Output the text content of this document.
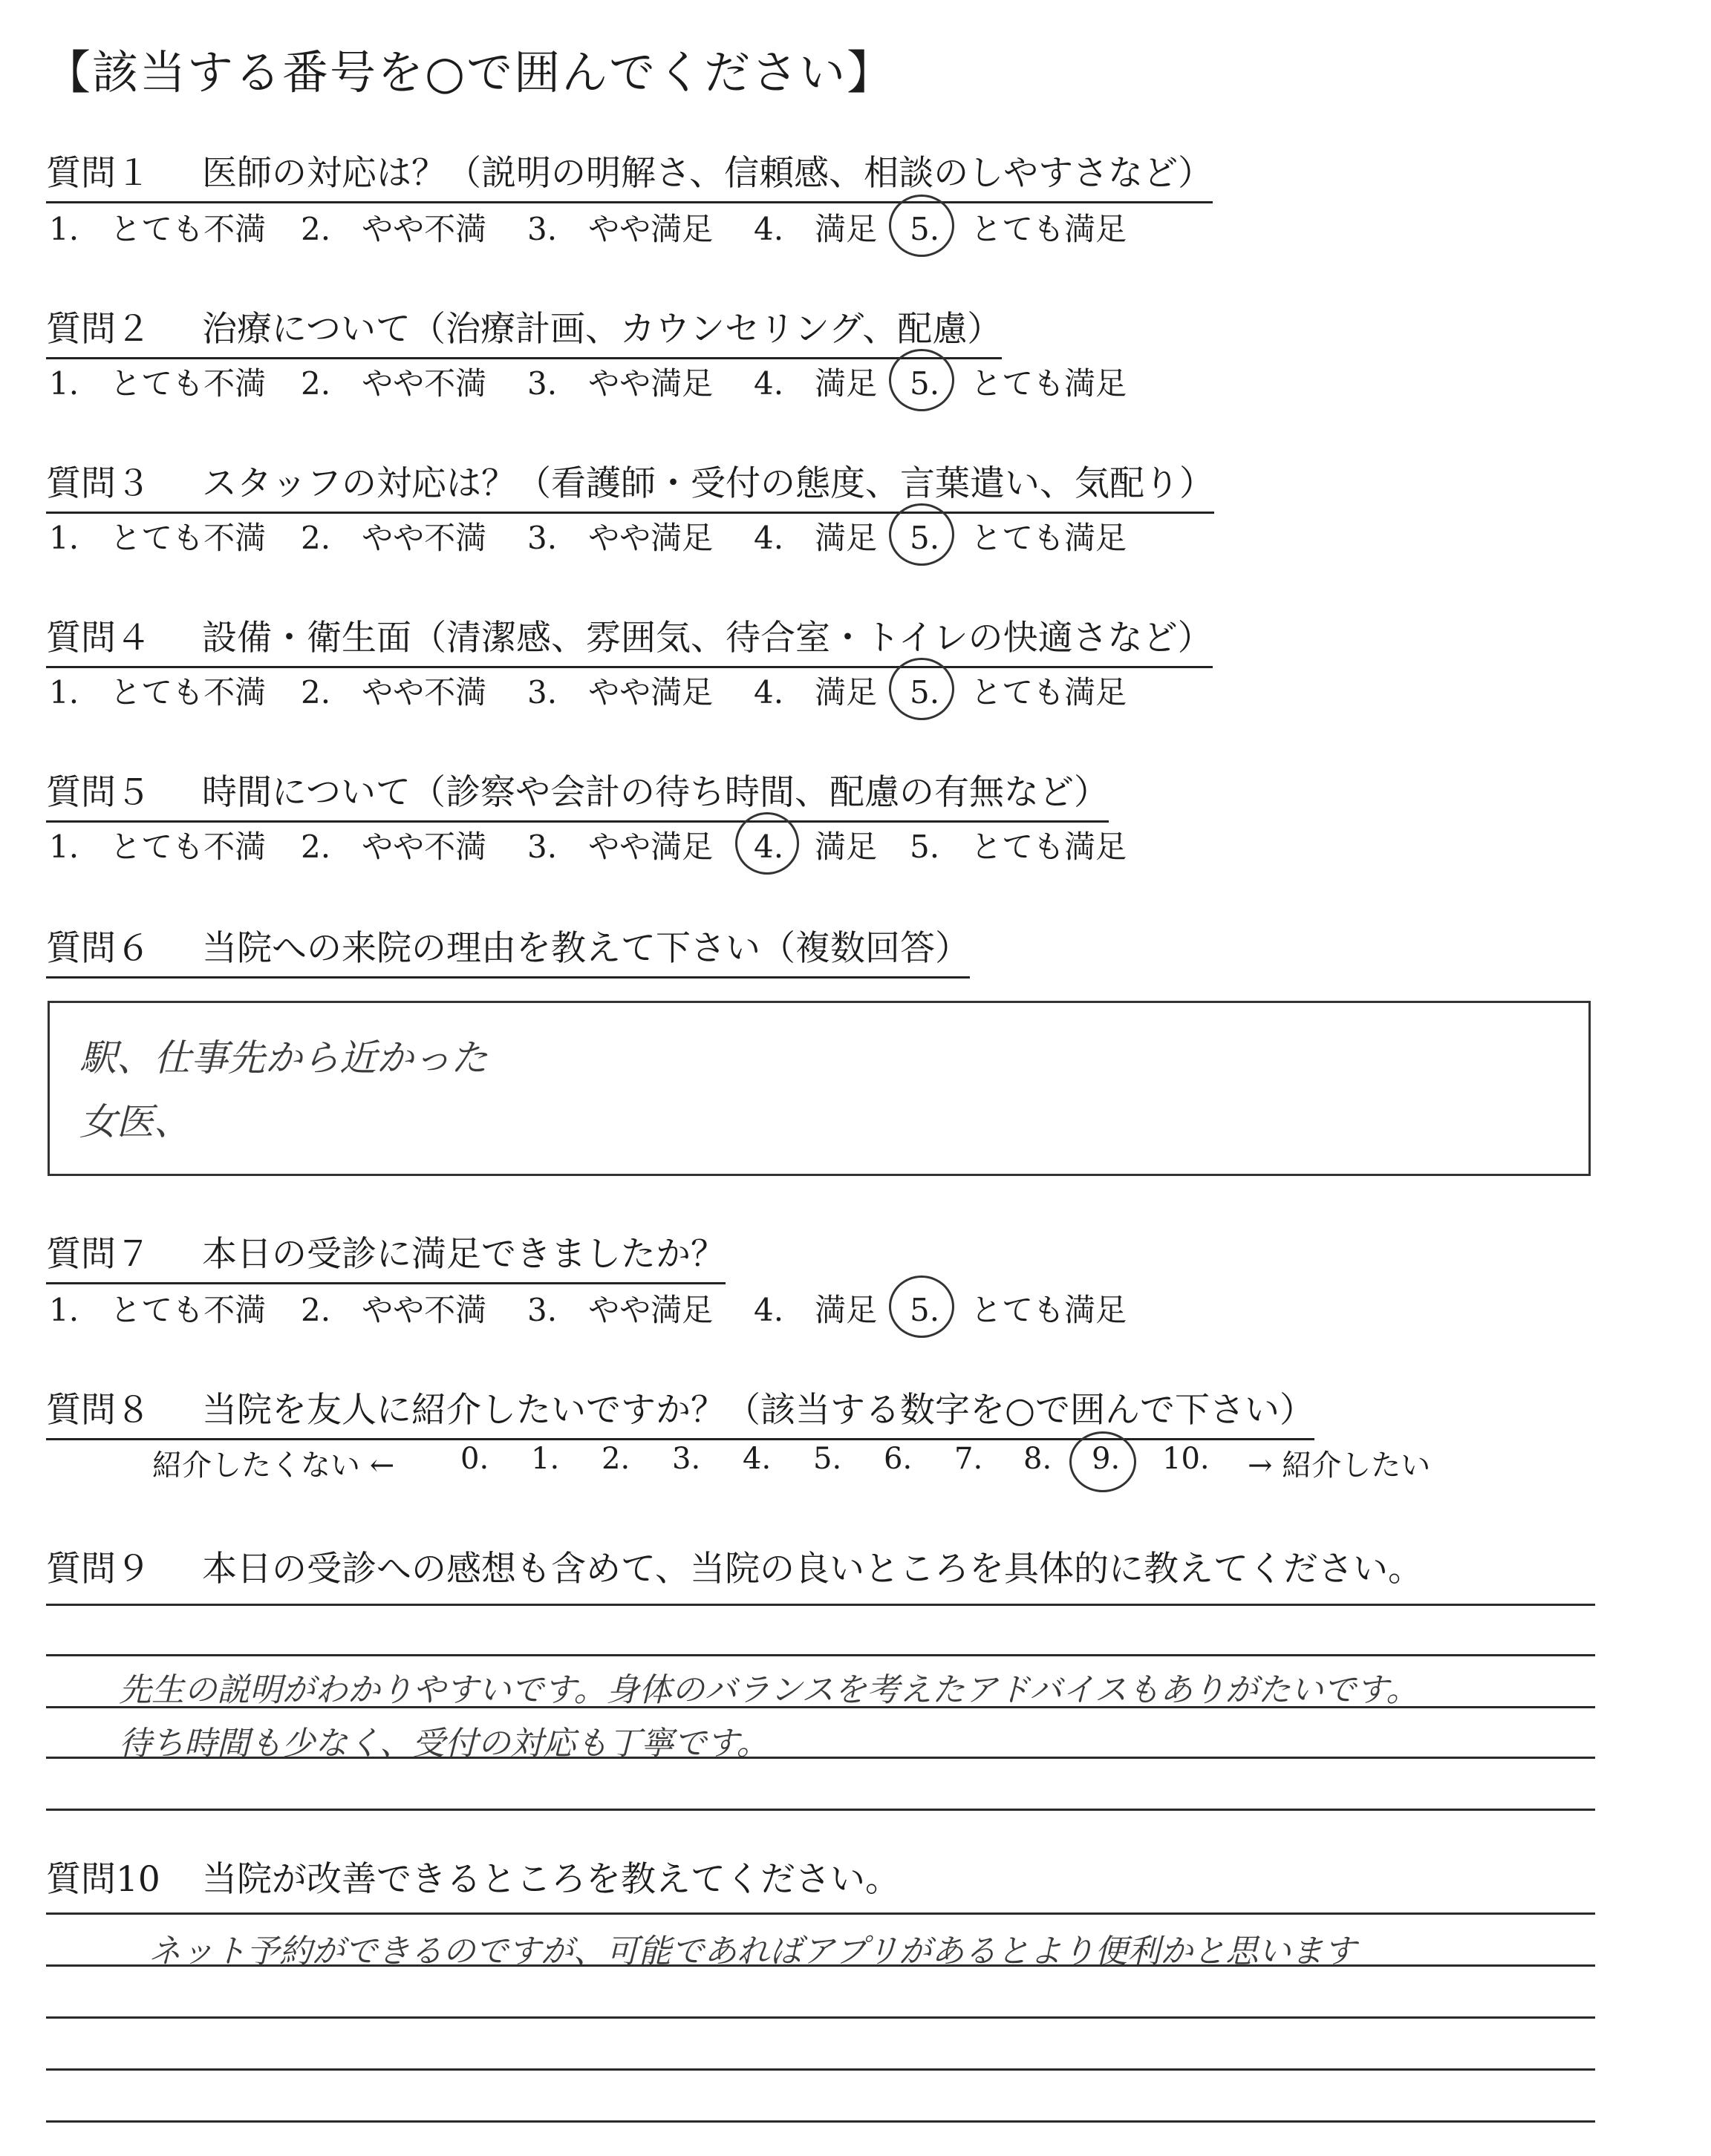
【該当する番号を○で囲んでください】
質問１ 医師の対応は？（説明の明解さ、信頼感、相談のしやすさなど）
1.　とても不満 2.　やや不満 3.　やや満足 4.　満足 5.　とても満足
質問２ 治療について（治療計画、カウンセリング、配慮）
1.　とても不満 2.　やや不満 3.　やや満足 4.　満足 5.　とても満足
質問３ スタッフの対応は？（看護師・受付の態度、言葉遣い、気配り）
1.　とても不満 2.　やや不満 3.　やや満足 4.　満足 5.　とても満足
質問４ 設備・衛生面（清潔感、雰囲気、待合室・トイレの快適さなど）
1.　とても不満 2.　やや不満 3.　やや満足 4.　満足 5.　とても満足
質問５ 時間について（診察や会計の待ち時間、配慮の有無など）
1.　とても不満 2.　やや不満 3.　やや満足 4.　満足 5.　とても満足
質問６ 当院への来院の理由を教えて下さい（複数回答）
駅、仕事先から近かった
女医、
質問７ 本日の受診に満足できましたか？
1.　とても不満 2.　やや不満 3.　やや満足 4.　満足 5.　とても満足
質問８ 当院を友人に紹介したいですか？（該当する数字を○で囲んで下さい）
紹介したくない ← 0. 1. 2. 3. 4. 5. 6. 7. 8. 9. 10. → 紹介したい
質問９ 本日の受診への感想も含めて、当院の良いところを具体的に教えてください。
先生の説明がわかりやすいです。身体のバランスを考えたアドバイスもありがたいです。
待ち時間も少なく、受付の対応も丁寧です。
質問10 当院が改善できるところを教えてください。
ネット予約ができるのですが、可能であればアプリがあるとより便利かと思います
